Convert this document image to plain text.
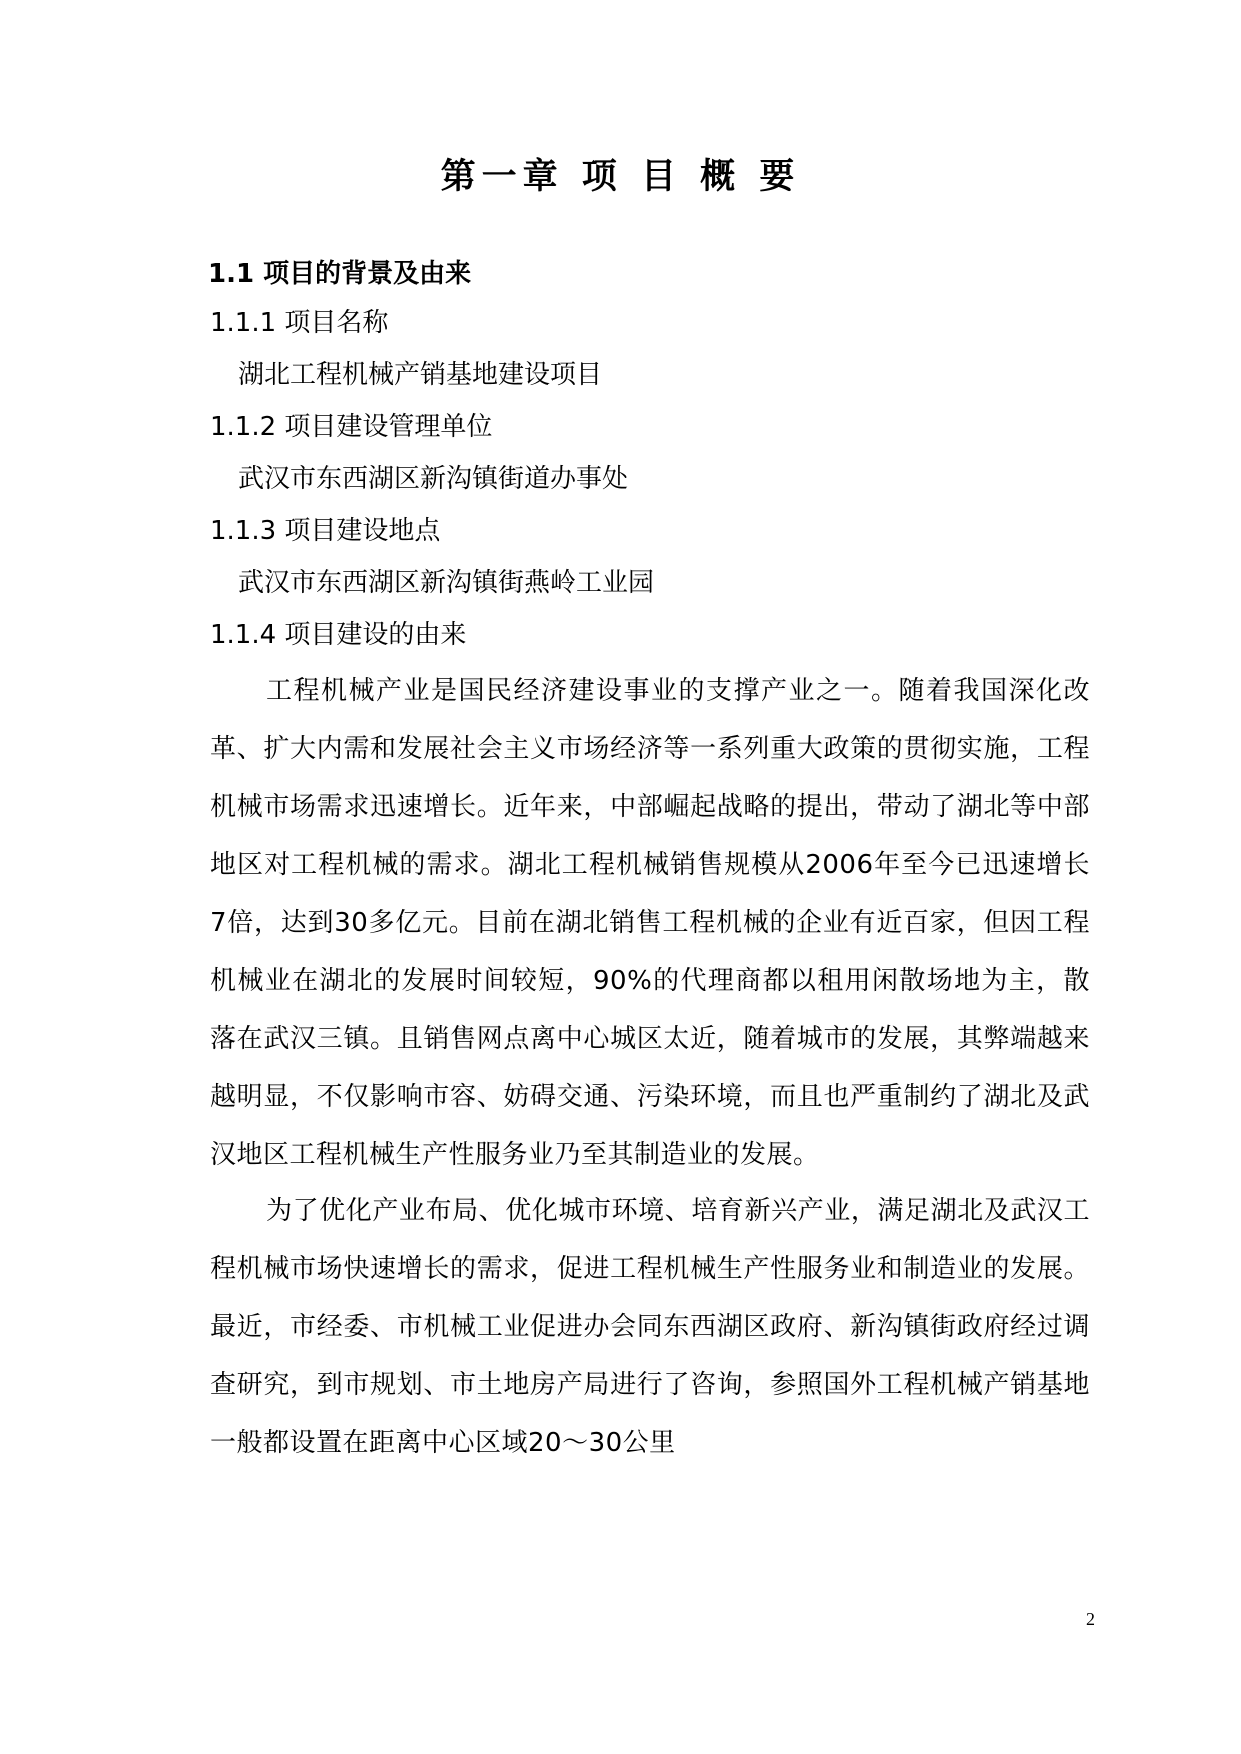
第一章 项 目 概 要
1.1 项目的背景及由来
1.1.1 项目名称
湖北工程机械产销基地建设项目
1.1.2 项目建设管理单位
武汉市东西湖区新沟镇街道办事处
1.1.3 项目建设地点
武汉市东西湖区新沟镇街燕岭工业园
1.1.4 项目建设的由来

工程机械产业是国民经济建设事业的支撑产业之一。随着我国深化改革、扩大内需和发展社会主义市场经济等一系列重大政策的贯彻实施，工程机械市场需求迅速增长。近年来，中部崛起战略的提出，带动了湖北等中部地区对工程机械的需求。湖北工程机械销售规模从2006年至今已迅速增长7倍，达到30多亿元。目前在湖北销售工程机械的企业有近百家，但因工程机械业在湖北的发展时间较短，90%的代理商都以租用闲散场地为主，散落在武汉三镇。且销售网点离中心城区太近，随着城市的发展，其弊端越来越明显，不仅影响市容、妨碍交通、污染环境，而且也严重制约了湖北及武汉地区工程机械生产性服务业乃至其制造业的发展。

为了优化产业布局、优化城市环境、培育新兴产业，满足湖北及武汉工程机械市场快速增长的需求，促进工程机械生产性服务业和制造业的发展。最近，市经委、市机械工业促进办会同东西湖区政府、新沟镇街政府经过调查研究，到市规划、市土地房产局进行了咨询，参照国外工程机械产销基地一般都设置在距离中心区域20～30公里

2
